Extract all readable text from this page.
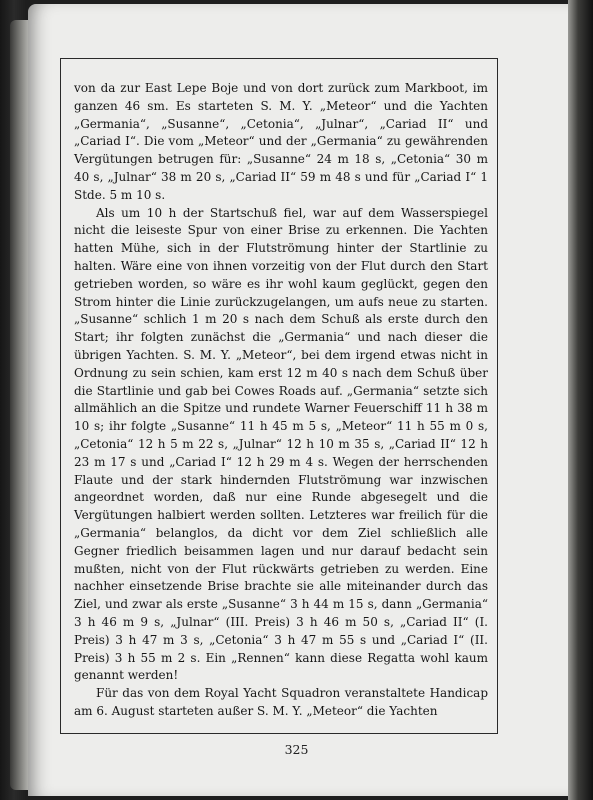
von da zur East Lepe Boje und von dort zurück zum Markboot, im ganzen 46 sm. Es starteten S. M. Y. „Meteor“ und die Yachten „Germania“, „Susanne“, „Cetonia“, „Julnar“, „Cariad II“ und „Cariad I“. Die vom „Meteor“ und der „Germania“ zu gewährenden Vergütungen betrugen für: „Susanne“ 24 m 18 s, „Cetonia“ 30 m 40 s, „Julnar“ 38 m 20 s, „Cariad II“ 59 m 48 s und für „Cariad I“ 1 Stde. 5 m 10 s.

Als um 10 h der Startschuß fiel, war auf dem Wasserspiegel nicht die leiseste Spur von einer Brise zu erkennen. Die Yachten hatten Mühe, sich in der Flutströmung hinter der Startlinie zu halten. Wäre eine von ihnen vorzeitig von der Flut durch den Start getrieben worden, so wäre es ihr wohl kaum geglückt, gegen den Strom hinter die Linie zurückzugelangen, um aufs neue zu starten. „Susanne“ schlich 1 m 20 s nach dem Schuß als erste durch den Start; ihr folgten zunächst die „Germania“ und nach dieser die übrigen Yachten. S. M. Y. „Meteor“, bei dem irgend etwas nicht in Ordnung zu sein schien, kam erst 12 m 40 s nach dem Schuß über die Startlinie und gab bei Cowes Roads auf. „Germania“ setzte sich allmählich an die Spitze und rundete Warner Feuerschiff 11 h 38 m 10 s; ihr folgte „Susanne“ 11 h 45 m 5 s, „Meteor“ 11 h 55 m 0 s, „Cetonia“ 12 h 5 m 22 s, „Julnar“ 12 h 10 m 35 s, „Cariad II“ 12 h 23 m 17 s und „Cariad I“ 12 h 29 m 4 s. Wegen der herrschenden Flaute und der stark hindernden Flutströmung war inzwischen angeordnet worden, daß nur eine Runde abgesegelt und die Vergütungen halbiert werden sollten. Letzteres war freilich für die „Germania“ belanglos, da dicht vor dem Ziel schließlich alle Gegner friedlich beisammen lagen und nur darauf bedacht sein mußten, nicht von der Flut rückwärts getrieben zu werden. Eine nachher einsetzende Brise brachte sie alle miteinander durch das Ziel, und zwar als erste „Susanne“ 3 h 44 m 15 s, dann „Germania“ 3 h 46 m 9 s, „Julnar“ (III. Preis) 3 h 46 m 50 s, „Cariad II“ (I. Preis) 3 h 47 m 3 s, „Cetonia“ 3 h 47 m 55 s und „Cariad I“ (II. Preis) 3 h 55 m 2 s. Ein „Rennen“ kann diese Regatta wohl kaum genannt werden!

Für das von dem Royal Yacht Squadron veranstaltete Handicap am 6. August starteten außer S. M. Y. „Meteor“ die Yachten

325
